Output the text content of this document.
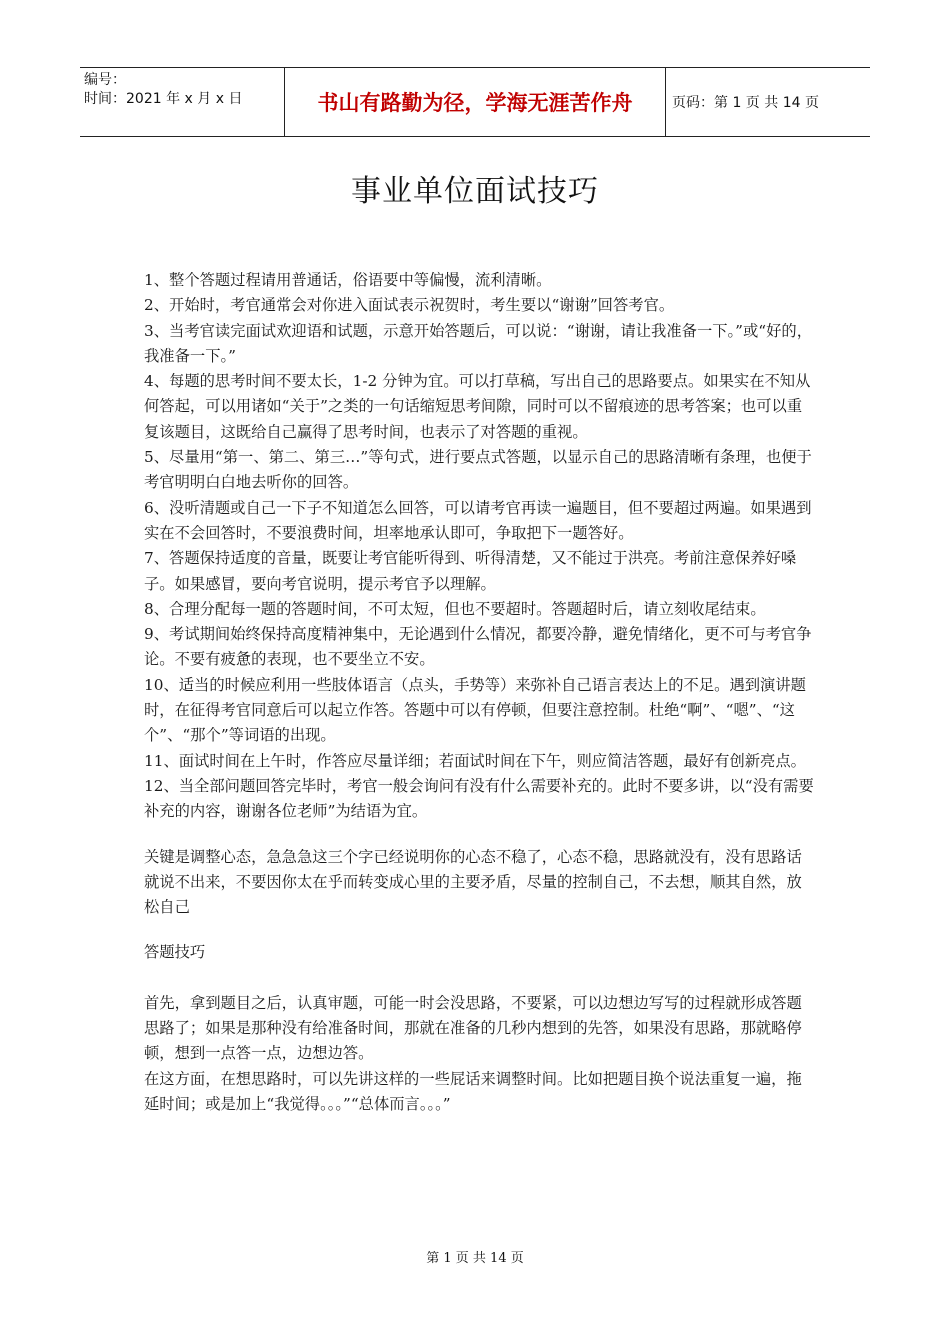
编号：
时间：2021 年 x 月 x 日	书山有路勤为径，学海无涯苦作舟	页码：第 1 页 共 14 页
事业单位面试技巧

1、整个答题过程请用普通话，俗语要中等偏慢，流利清晰。

2、开始时，考官通常会对你进入面试表示祝贺时，考生要以“谢谢”回答考官。

3、当考官读完面试欢迎语和试题，示意开始答题后，可以说：“谢谢，请让我准备一下。”或“好的，我准备一下。”

4、每题的思考时间不要太长，1-2 分钟为宜。可以打草稿，写出自己的思路要点。如果实在不知从何答起，可以用诸如“关于”之类的一句话缩短思考间隙，同时可以不留痕迹的思考答案；也可以重复该题目，这既给自己赢得了思考时间，也表示了对答题的重视。

5、尽量用“第一、第二、第三…”等句式，进行要点式答题，以显示自己的思路清晰有条理，也便于考官明明白白地去听你的回答。

6、没听清题或自己一下子不知道怎么回答，可以请考官再读一遍题目，但不要超过两遍。如果遇到实在不会回答时，不要浪费时间，坦率地承认即可，争取把下一题答好。

7、答题保持适度的音量，既要让考官能听得到、听得清楚，又不能过于洪亮。考前注意保养好嗓子。如果感冒，要向考官说明，提示考官予以理解。

8、合理分配每一题的答题时间，不可太短，但也不要超时。答题超时后，请立刻收尾结束。

9、考试期间始终保持高度精神集中，无论遇到什么情况，都要冷静，避免情绪化，更不可与考官争论。不要有疲惫的表现，也不要坐立不安。

10、适当的时候应利用一些肢体语言（点头，手势等）来弥补自己语言表达上的不足。遇到演讲题时，在征得考官同意后可以起立作答。答题中可以有停顿，但要注意控制。杜绝“啊”、“嗯”、“这个”、“那个”等词语的出现。

11、面试时间在上午时，作答应尽量详细；若面试时间在下午，则应简洁答题，最好有创新亮点。

12、当全部问题回答完毕时，考官一般会询问有没有什么需要补充的。此时不要多讲，以“没有需要补充的内容，谢谢各位老师”为结语为宜。

关键是调整心态，急急急这三个字已经说明你的心态不稳了，心态不稳，思路就没有，没有思路话就说不出来，不要因你太在乎而转变成心里的主要矛盾，尽量的控制自己，不去想，顺其自然，放松自己

答题技巧

首先，拿到题目之后，认真审题，可能一时会没思路，不要紧，可以边想边写写的过程就形成答题思路了；如果是那种没有给准备时间，那就在准备的几秒内想到的先答，如果没有思路，那就略停顿，想到一点答一点，边想边答。

在这方面，在想思路时，可以先讲这样的一些屁话来调整时间。比如把题目换个说法重复一遍，拖延时间；或是加上“我觉得。。。”“总体而言。。。”

第 1 页 共 14 页
